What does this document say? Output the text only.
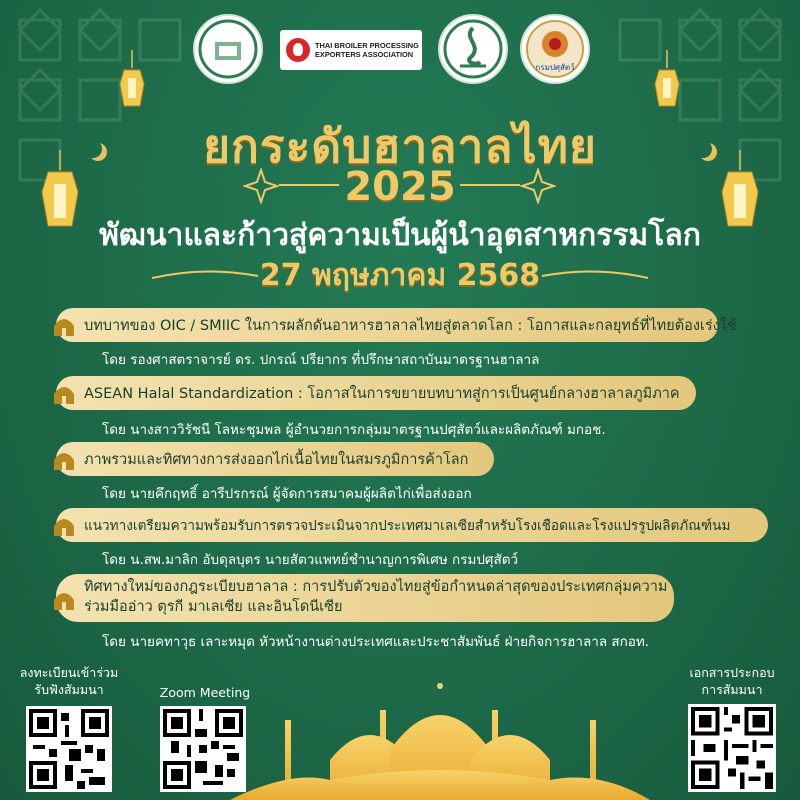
THAI BROILER PROCESSING
EXPORTERS ASSOCIATION
กรมปศุสัตว์
ยกระดับฮาลาลไทย
2025
พัฒนาและก้าวสู่ความเป็นผู้นำอุตสาหกรรมโลก
27 พฤษภาคม 2568
บทบาทของ OIC / SMIIC ในการผลักดันอาหารฮาลาลไทยสู่ตลาดโลก : โอกาสและกลยุทธ์ที่ไทยต้องเร่งใช้
โดย รองศาสตราจารย์ ดร. ปกรณ์ ปรียากร ที่ปรึกษาสถาบันมาตรฐานฮาลาล
ASEAN Halal Standardization : โอกาสในการขยายบทบาทสู่การเป็นศูนย์กลางฮาลาลภูมิภาค
โดย นางสาววิรัชนี โลหะชุมพล ผู้อำนวยการกลุ่มมาตรฐานปศุสัตว์และผลิตภัณฑ์ มกอช.
ภาพรวมและทิศทางการส่งออกไก่เนื้อไทยในสมรภูมิการค้าโลก
โดย นายคึกฤทธิ์ อารีปรกรณ์ ผู้จัดการสมาคมผู้ผลิตไก่เพื่อส่งออก
แนวทางเตรียมความพร้อมรับการตรวจประเมินจากประเทศมาเลเซียสำหรับโรงเชือดและโรงแปรรูปผลิตภัณฑ์นม
โดย น.สพ.มาลิก อับดุลบุตร นายสัตวแพทย์ชำนาญการพิเศษ กรมปศุสัตว์
ทิศทางใหม่ของกฎระเบียบฮาลาล : การปรับตัวของไทยสู่ข้อกำหนดล่าสุดของประเทศกลุ่มความร่วมมืออ่าว ตุรกี มาเลเซีย และอินโดนีเซีย
โดย นายคทาวุธ เลาะหมุด หัวหน้างานต่างประเทศและประชาสัมพันธ์ ฝ่ายกิจการฮาลาล สกอท.
ลงทะเบียนเข้าร่วม
รับฟังสัมมนา	Zoom Meeting
เอกสารประกอบ
การสัมมนา
